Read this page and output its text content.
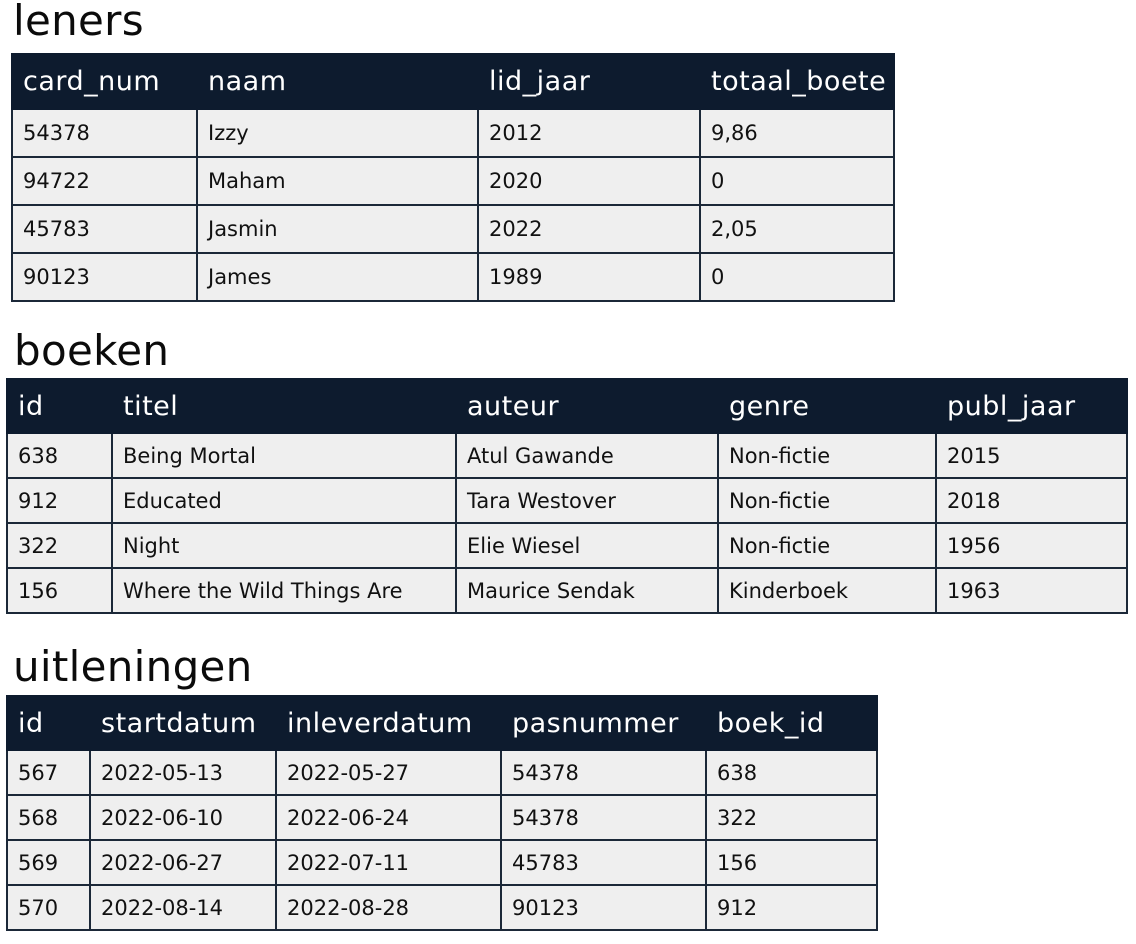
leners
card_num	naam	lid_jaar	totaal_boete
54378	Izzy	2012	9,86
94722	Maham	2020	0
45783	Jasmin	2022	2,05
90123	James	1989	0
boeken
id	titel	auteur	genre	publ_jaar
638	Being Mortal	Atul Gawande	Non-fictie	2015
912	Educated	Tara Westover	Non-fictie	2018
322	Night	Elie Wiesel	Non-fictie	1956
156	Where the Wild Things Are	Maurice Sendak	Kinderboek	1963
uitleningen
id	startdatum	inleverdatum	pasnummer	boek_id
567	2022-05-13	2022-05-27	54378	638
568	2022-06-10	2022-06-24	54378	322
569	2022-06-27	2022-07-11	45783	156
570	2022-08-14	2022-08-28	90123	912
